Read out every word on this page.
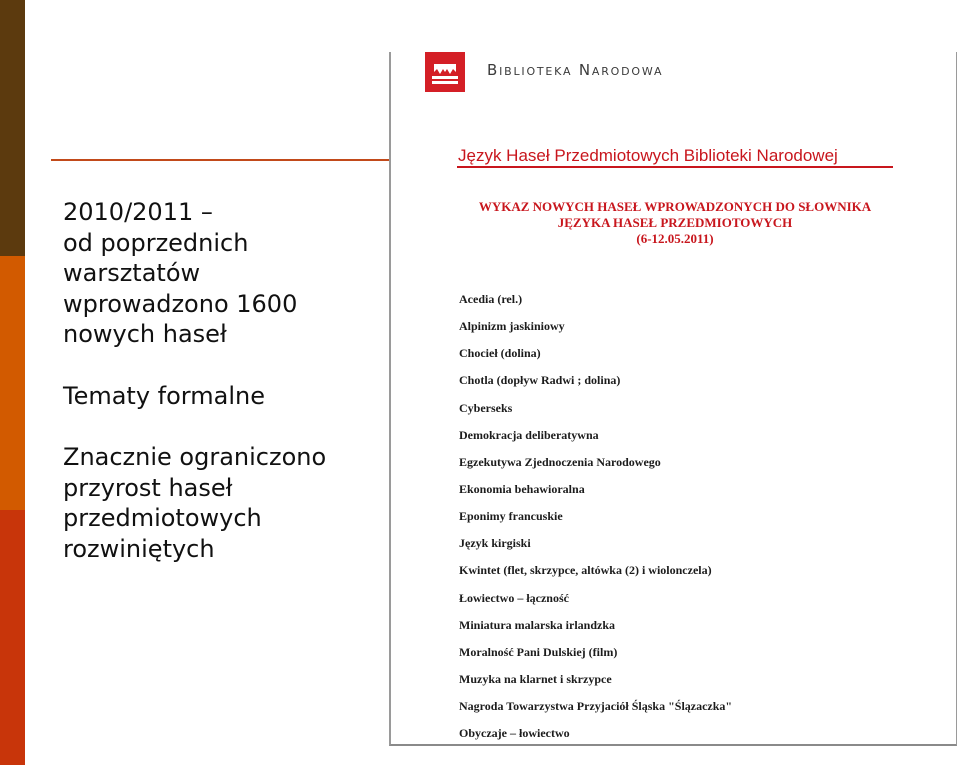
2010/2011 –
od poprzednich
warsztatów
wprowadzono 1600
nowych haseł
Tematy formalne
Znacznie ograniczono
przyrost haseł
przedmiotowych
rozwiniętych
Biblioteka Narodowa
Język Haseł Przedmiotowych Biblioteki Narodowej
WYKAZ NOWYCH HASEŁ WPROWADZONYCH DO SŁOWNIKA
JĘZYKA HASEŁ PRZEDMIOTOWYCH
(6-12.05.2011)
Acedia (rel.)
Alpinizm jaskiniowy
Chocieł (dolina)
Chotla (dopływ Radwi ; dolina)
Cyberseks
Demokracja deliberatywna
Egzekutywa Zjednoczenia Narodowego
Ekonomia behawioralna
Eponimy francuskie
Język kirgiski
Kwintet (flet, skrzypce, altówka (2) i wiolonczela)
Łowiectwo – łączność
Miniatura malarska irlandzka
Moralność Pani Dulskiej (film)
Muzyka na klarnet i skrzypce
Nagroda Towarzystwa Przyjaciół Śląska "Ślązaczka"
Obyczaje – łowiectwo
